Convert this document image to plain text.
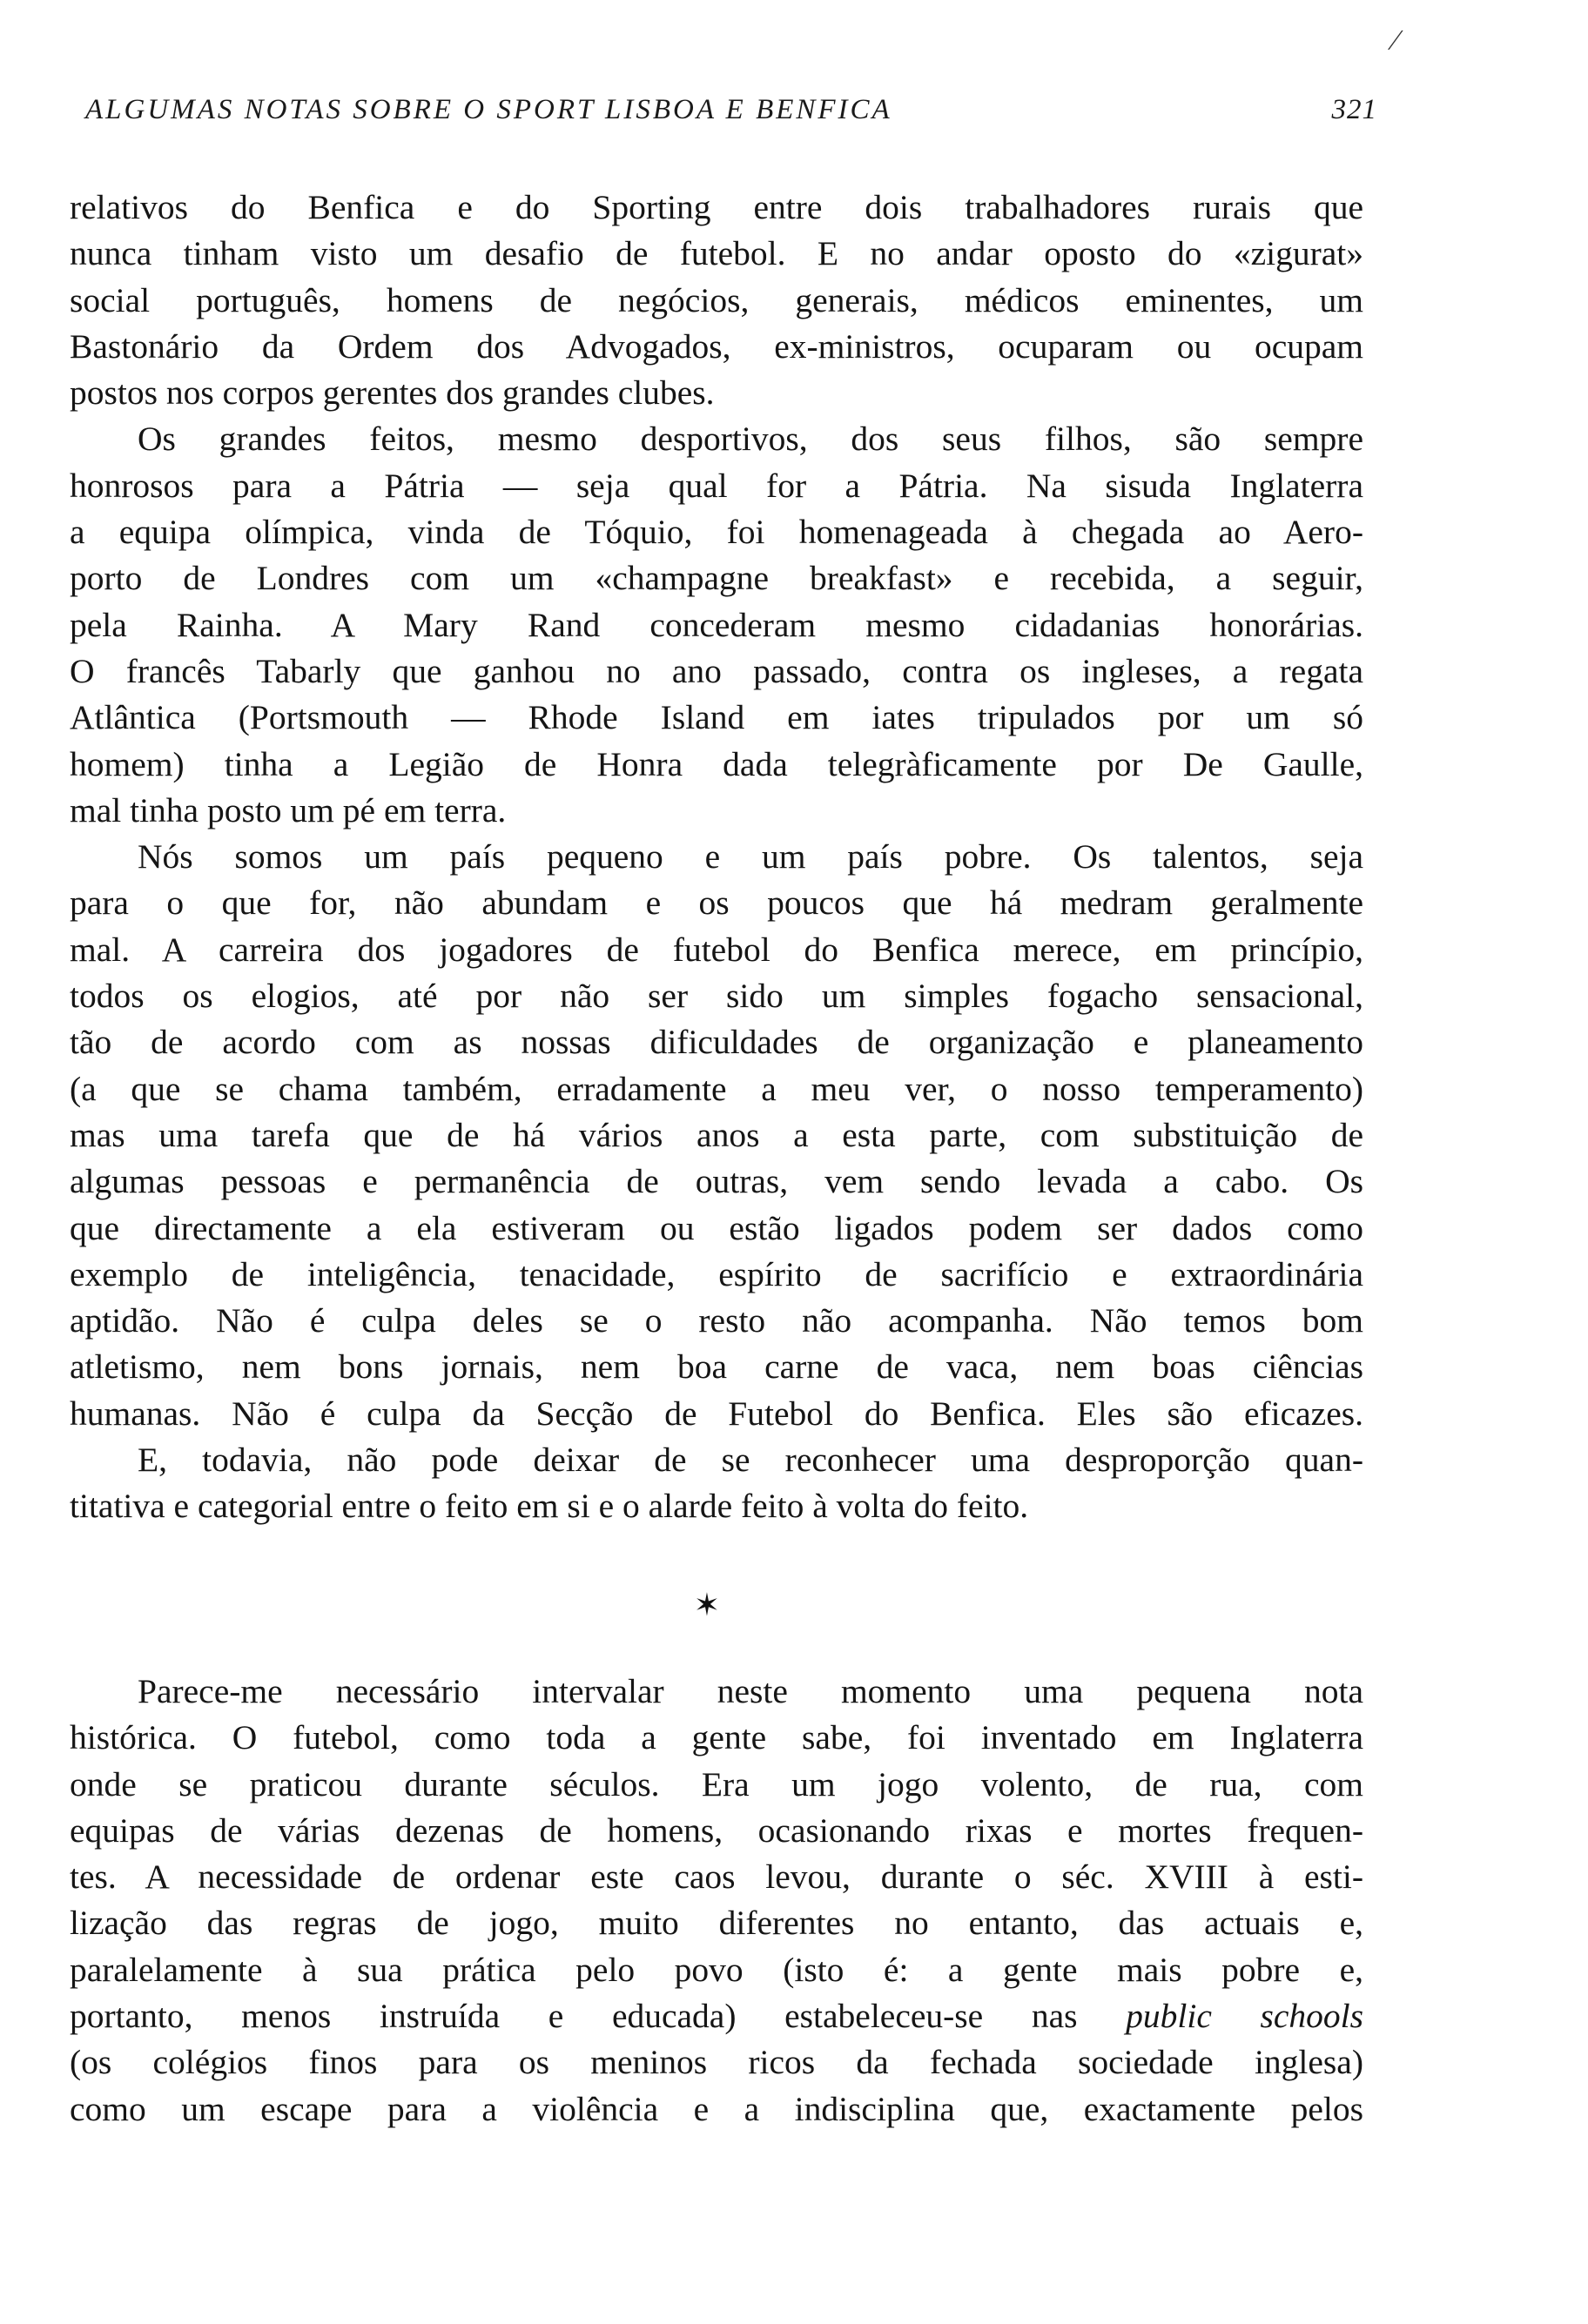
⁄
ALGUMAS NOTAS SOBRE O SPORT LISBOA E BENFICA	321
relativos do Benfica e do Sporting entre dois trabalhadores rurais que
nunca tinham visto um desafio de futebol. E no andar oposto do «zigurat»
social português, homens de negócios, generais, médicos eminentes, um
Bastonário da Ordem dos Advogados, ex-ministros, ocuparam ou ocupam
postos nos corpos gerentes dos grandes clubes.
Os grandes feitos, mesmo desportivos, dos seus filhos, são sempre
honrosos para a Pátria — seja qual for a Pátria. Na sisuda Inglaterra
a equipa olímpica, vinda de Tóquio, foi homenageada à chegada ao Aero-
porto de Londres com um «champagne breakfast» e recebida, a seguir,
pela Rainha. A Mary Rand concederam mesmo cidadanias honorárias.
O francês Tabarly que ganhou no ano passado, contra os ingleses, a regata
Atlântica (Portsmouth — Rhode Island em iates tripulados por um só
homem) tinha a Legião de Honra dada telegràficamente por De Gaulle,
mal tinha posto um pé em terra.
Nós somos um país pequeno e um país pobre. Os talentos, seja
para o que for, não abundam e os poucos que há medram geralmente
mal. A carreira dos jogadores de futebol do Benfica merece, em princípio,
todos os elogios, até por não ser sido um simples fogacho sensacional,
tão de acordo com as nossas dificuldades de organização e planeamento
(a que se chama também, erradamente a meu ver, o nosso temperamento)
mas uma tarefa que de há vários anos a esta parte, com substituição de
algumas pessoas e permanência de outras, vem sendo levada a cabo. Os
que directamente a ela estiveram ou estão ligados podem ser dados como
exemplo de inteligência, tenacidade, espírito de sacrifício e extraordinária
aptidão. Não é culpa deles se o resto não acompanha. Não temos bom
atletismo, nem bons jornais, nem boa carne de vaca, nem boas ciências
humanas. Não é culpa da Secção de Futebol do Benfica. Eles são eficazes.
E, todavia, não pode deixar de se reconhecer uma desproporção quan-
titativa e categorial entre o feito em si e o alarde feito à volta do feito.
✶
Parece-me necessário intervalar neste momento uma pequena nota
histórica. O futebol, como toda a gente sabe, foi inventado em Inglaterra
onde se praticou durante séculos. Era um jogo volento, de rua, com
equipas de várias dezenas de homens, ocasionando rixas e mortes frequen-
tes. A necessidade de ordenar este caos levou, durante o séc. XVIII à esti-
lização das regras de jogo, muito diferentes no entanto, das actuais e,
paralelamente à sua prática pelo povo (isto é: a gente mais pobre e,
portanto, menos instruída e educada) estabeleceu-se nas public schools
(os colégios finos para os meninos ricos da fechada sociedade inglesa)
como um escape para a violência e a indisciplina que, exactamente pelos
